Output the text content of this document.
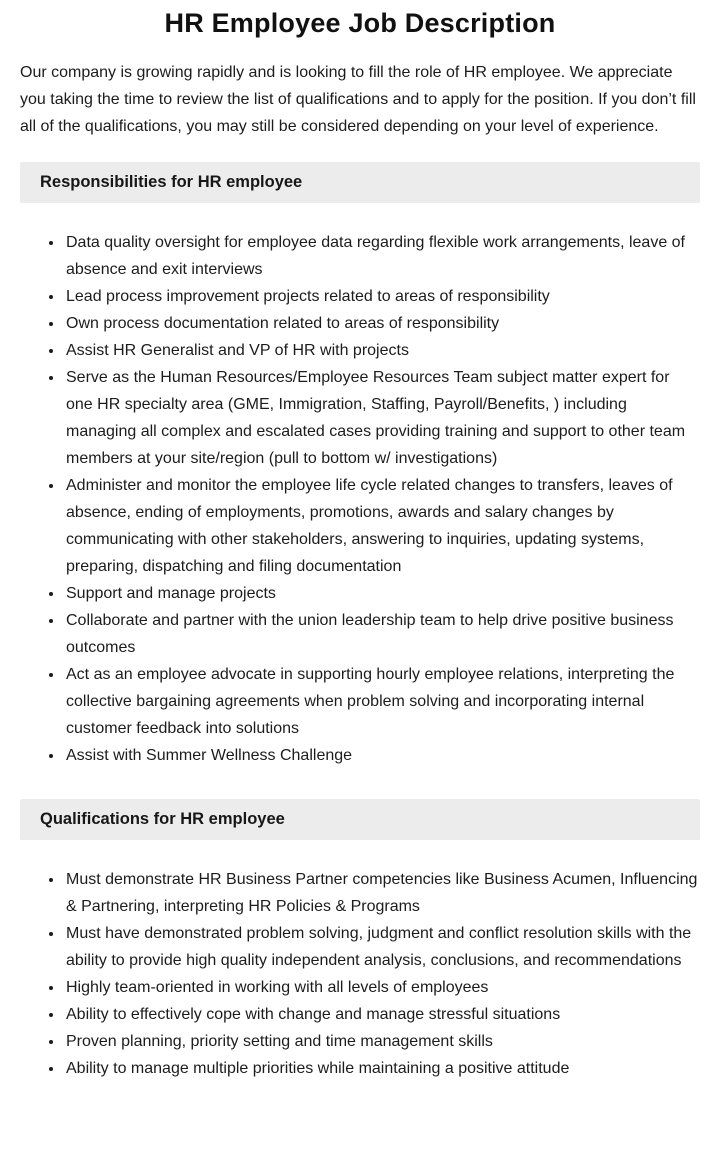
HR Employee Job Description

Our company is growing rapidly and is looking to fill the role of HR employee. We appreciate you taking the time to review the list of qualifications and to apply for the position. If you don’t fill all of the qualifications, you may still be considered depending on your level of experience.

Responsibilities for HR employee
• Data quality oversight for employee data regarding flexible work arrangements, leave of absence and exit interviews
• Lead process improvement projects related to areas of responsibility
• Own process documentation related to areas of responsibility
• Assist HR Generalist and VP of HR with projects
• Serve as the Human Resources/Employee Resources Team subject matter expert for one HR specialty area (GME, Immigration, Staffing, Payroll/Benefits, ) including managing all complex and escalated cases providing training and support to other team members at your site/region (pull to bottom w/ investigations)
• Administer and monitor the employee life cycle related changes to transfers, leaves of absence, ending of employments, promotions, awards and salary changes by communicating with other stakeholders, answering to inquiries, updating systems, preparing, dispatching and filing documentation
• Support and manage projects
• Collaborate and partner with the union leadership team to help drive positive business outcomes
• Act as an employee advocate in supporting hourly employee relations, interpreting the collective bargaining agreements when problem solving and incorporating internal customer feedback into solutions
• Assist with Summer Wellness Challenge
Qualifications for HR employee
• Must demonstrate HR Business Partner competencies like Business Acumen, Influencing & Partnering, interpreting HR Policies & Programs
• Must have demonstrated problem solving, judgment and conflict resolution skills with the ability to provide high quality independent analysis, conclusions, and recommendations
• Highly team-oriented in working with all levels of employees
• Ability to effectively cope with change and manage stressful situations
• Proven planning, priority setting and time management skills
• Ability to manage multiple priorities while maintaining a positive attitude
